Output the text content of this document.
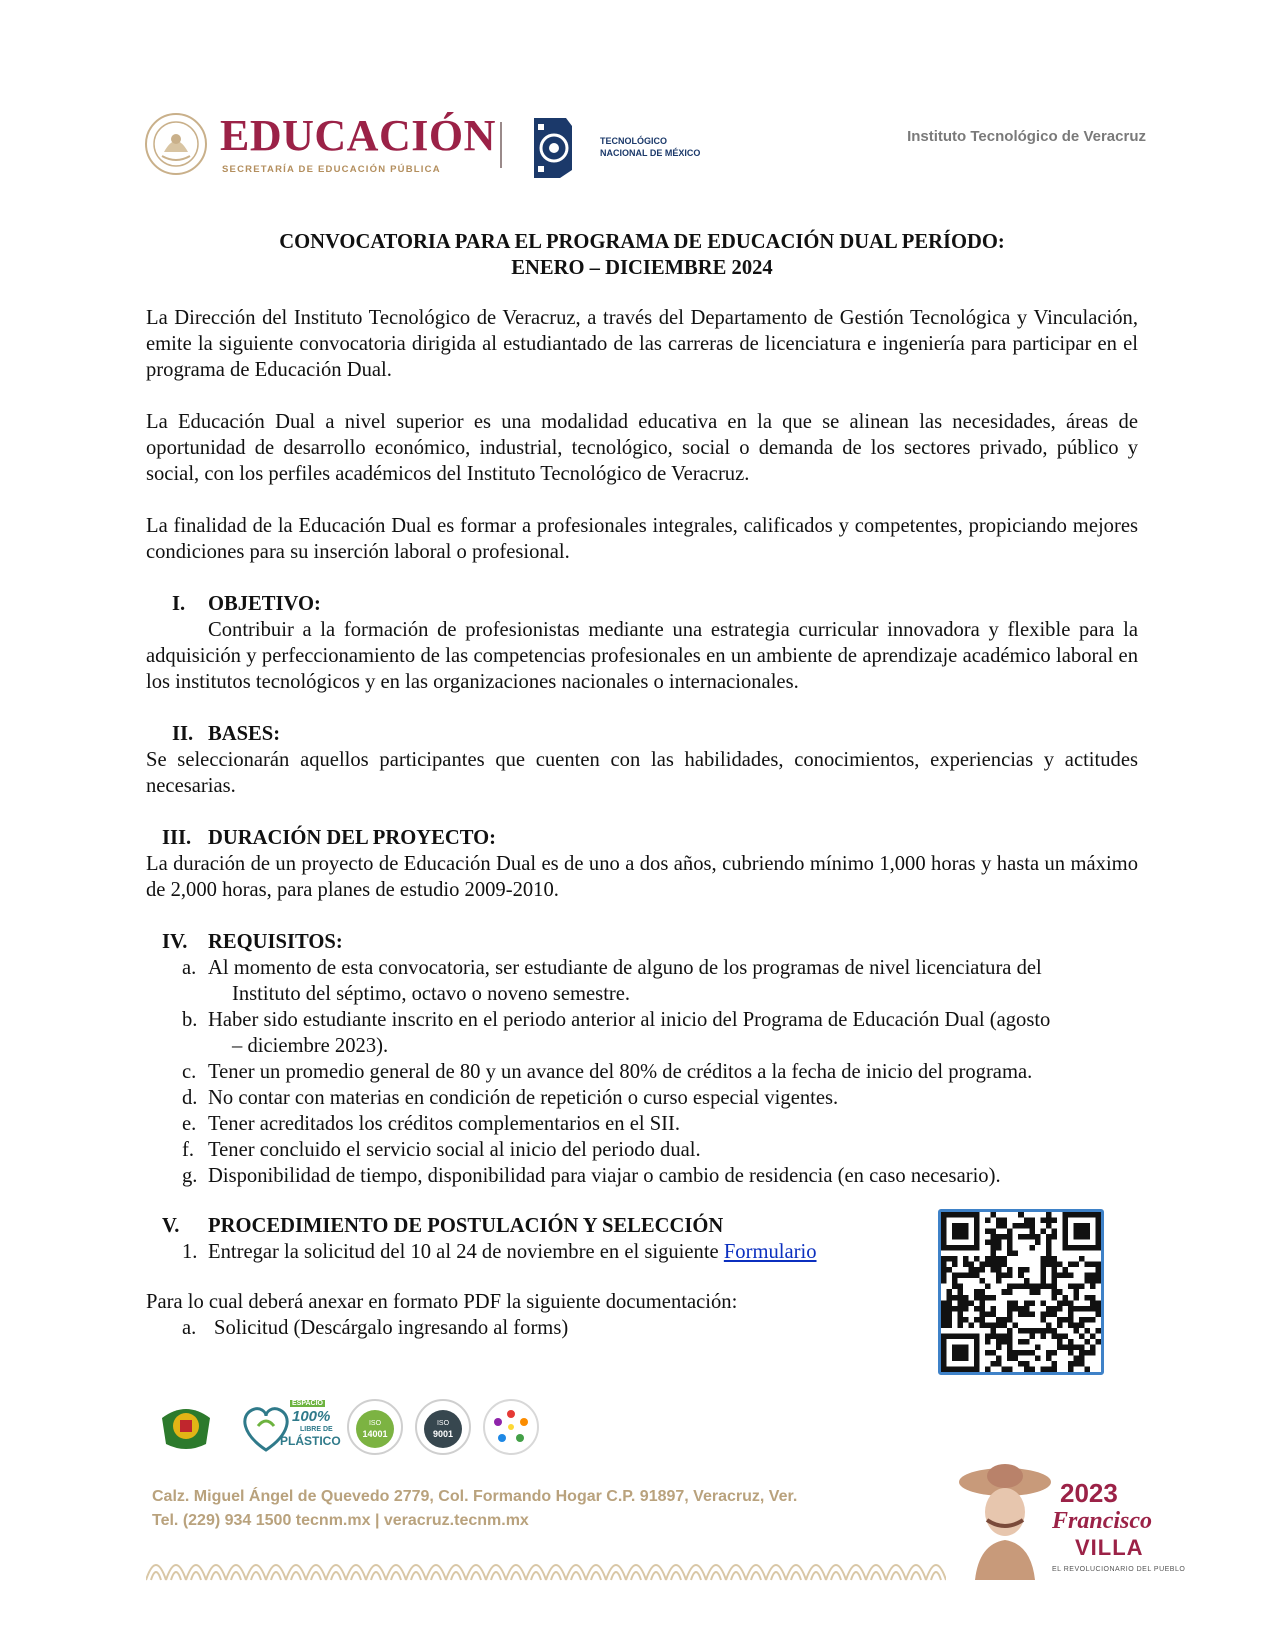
EDUCACIÓN
SECRETARÍA DE EDUCACIÓN PÚBLICA
TECNOLÓGICO
NACIONAL DE MÉXICO
Instituto Tecnológico de Veracruz

CONVOCATORIA PARA EL PROGRAMA DE EDUCACIÓN DUAL PERÍODO:

ENERO – DICIEMBRE 2024

La Dirección del Instituto Tecnológico de Veracruz, a través del Departamento de Gestión Tecnológica y Vinculación, emite la siguiente convocatoria dirigida al estudiantado de las carreras de licenciatura e ingeniería para participar en el programa de Educación Dual.

La Educación Dual a nivel superior es una modalidad educativa en la que se alinean las necesidades, áreas de oportunidad de desarrollo económico, industrial, tecnológico, social o demanda de los sectores privado, público y social, con los perfiles académicos del Instituto Tecnológico de Veracruz.

La finalidad de la Educación Dual es formar a profesionales integrales, calificados y competentes, propiciando mejores condiciones para su inserción laboral o profesional.

I.	OBJETIVO:

Contribuir a la formación de profesionistas mediante una estrategia curricular innovadora y flexible para la adquisición y perfeccionamiento de las competencias profesionales en un ambiente de aprendizaje académico laboral en los institutos tecnológicos y en las organizaciones nacionales o internacionales.

II. BASES:

Se seleccionarán aquellos participantes que cuenten con las habilidades, conocimientos, experiencias y actitudes necesarias.

III. DURACIÓN DEL PROYECTO:

La duración de un proyecto de Educación Dual es de uno a dos años, cubriendo mínimo 1,000 horas y hasta un máximo de 2,000 horas, para planes de estudio 2009-2010.

IV.	REQUISITOS:
a. Al momento de esta convocatoria, ser estudiante de alguno de los programas de nivel licenciatura del
Instituto del séptimo, octavo o noveno semestre.
b. Haber sido estudiante inscrito en el periodo anterior al inicio del Programa de Educación Dual (agosto
– diciembre 2023).
c. Tener un promedio general de 80 y un avance del 80% de créditos a la fecha de inicio del programa.
d. No contar con materias en condición de repetición o curso especial vigentes.
e. Tener acreditados los créditos complementarios en el SII.
f. Tener concluido el servicio social al inicio del periodo dual.
g. Disponibilidad de tiempo, disponibilidad para viajar o cambio de residencia (en caso necesario).
V.	PROCEDIMIENTO DE POSTULACIÓN Y SELECCIÓN
1. Entregar la solicitud del 10 al 24 de noviembre en el siguiente Formulario

Para lo cual deberá anexar en formato PDF la siguiente documentación:

a. Solicitud (Descárgalo ingresando al forms)
ESPACIO
100%
LIBRE DE
PLÁSTICO
ISO
14001
ISO
9001
Calz. Miguel Ángel de Quevedo 2779, Col. Formando Hogar C.P. 91897, Veracruz, Ver.
Tel. (229) 934 1500 tecnm.mx | veracruz.tecnm.mx
2023
Francisco
VILLA
EL REVOLUCIONARIO DEL PUEBLO
